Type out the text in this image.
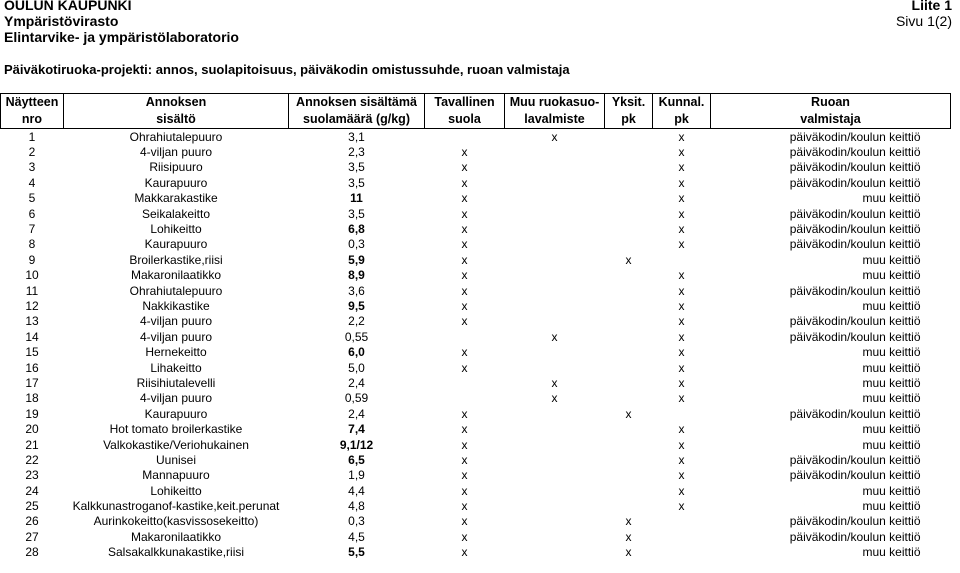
OULUN KAUPUNKI
Ympäristövirasto
Elintarvike- ja ympäristölaboratorio
Liite 1
Sivu 1(2)
Päiväkotiruoka-projekti: annos, suolapitoisuus, päiväkodin omistussuhde, ruoan valmistaja
Näytteen	Annoksen	Annoksen sisältämä	Tavallinen	Muu ruokasuo-	Yksit.	Kunnal.	Ruoan
nro	sisältö	suolamäärä (g/kg)	suola	lavalmiste	pk	pk	valmistaja
1	Ohrahiutalepuuro	3,1		x		x	päiväkodin/koulun keittiö
2	4-viljan puuro	2,3	x			x	päiväkodin/koulun keittiö
3	Riisipuuro	3,5	x			x	päiväkodin/koulun keittiö
4	Kaurapuuro	3,5	x			x	päiväkodin/koulun keittiö
5	Makkarakastike	11	x			x	muu keittiö
6	Seikalakeitto	3,5	x			x	päiväkodin/koulun keittiö
7	Lohikeitto	6,8	x			x	päiväkodin/koulun keittiö
8	Kaurapuuro	0,3	x			x	päiväkodin/koulun keittiö
9	Broilerkastike,riisi	5,9	x		x		muu keittiö
10	Makaronilaatikko	8,9	x			x	muu keittiö
11	Ohrahiutalepuuro	3,6	x			x	päiväkodin/koulun keittiö
12	Nakkikastike	9,5	x			x	muu keittiö
13	4-viljan puuro	2,2	x			x	päiväkodin/koulun keittiö
14	4-viljan puuro	0,55		x		x	päiväkodin/koulun keittiö
15	Hernekeitto	6,0	x			x	muu keittiö
16	Lihakeitto	5,0	x			x	muu keittiö
17	Riisihiutalevelli	2,4		x		x	muu keittiö
18	4-viljan puuro	0,59		x		x	muu keittiö
19	Kaurapuuro	2,4	x		x		päiväkodin/koulun keittiö
20	Hot tomato broilerkastike	7,4	x			x	muu keittiö
21	Valkokastike/Veriohukainen	9,1/12	x			x	muu keittiö
22	Uunisei	6,5	x			x	päiväkodin/koulun keittiö
23	Mannapuuro	1,9	x			x	päiväkodin/koulun keittiö
24	Lohikeitto	4,4	x			x	muu keittiö
25	Kalkkunastroganof-kastike,keit.perunat	4,8	x			x	muu keittiö
26	Aurinkokeitto(kasvissosekeitto)	0,3	x		x		päiväkodin/koulun keittiö
27	Makaronilaatikko	4,5	x		x		päiväkodin/koulun keittiö
28	Salsakalkkunakastike,riisi	5,5	x		x		muu keittiö
